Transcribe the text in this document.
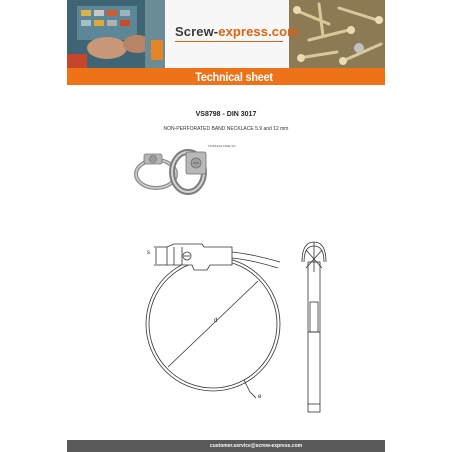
Screw-express.com
Technical sheet
VS8798 - DIN 3017
NON-PERFORATED BAND NECKLACE 5.9 and 12 mm
STAINLESS STEEL W4
s
d
e
customer.service@screw-express.com
